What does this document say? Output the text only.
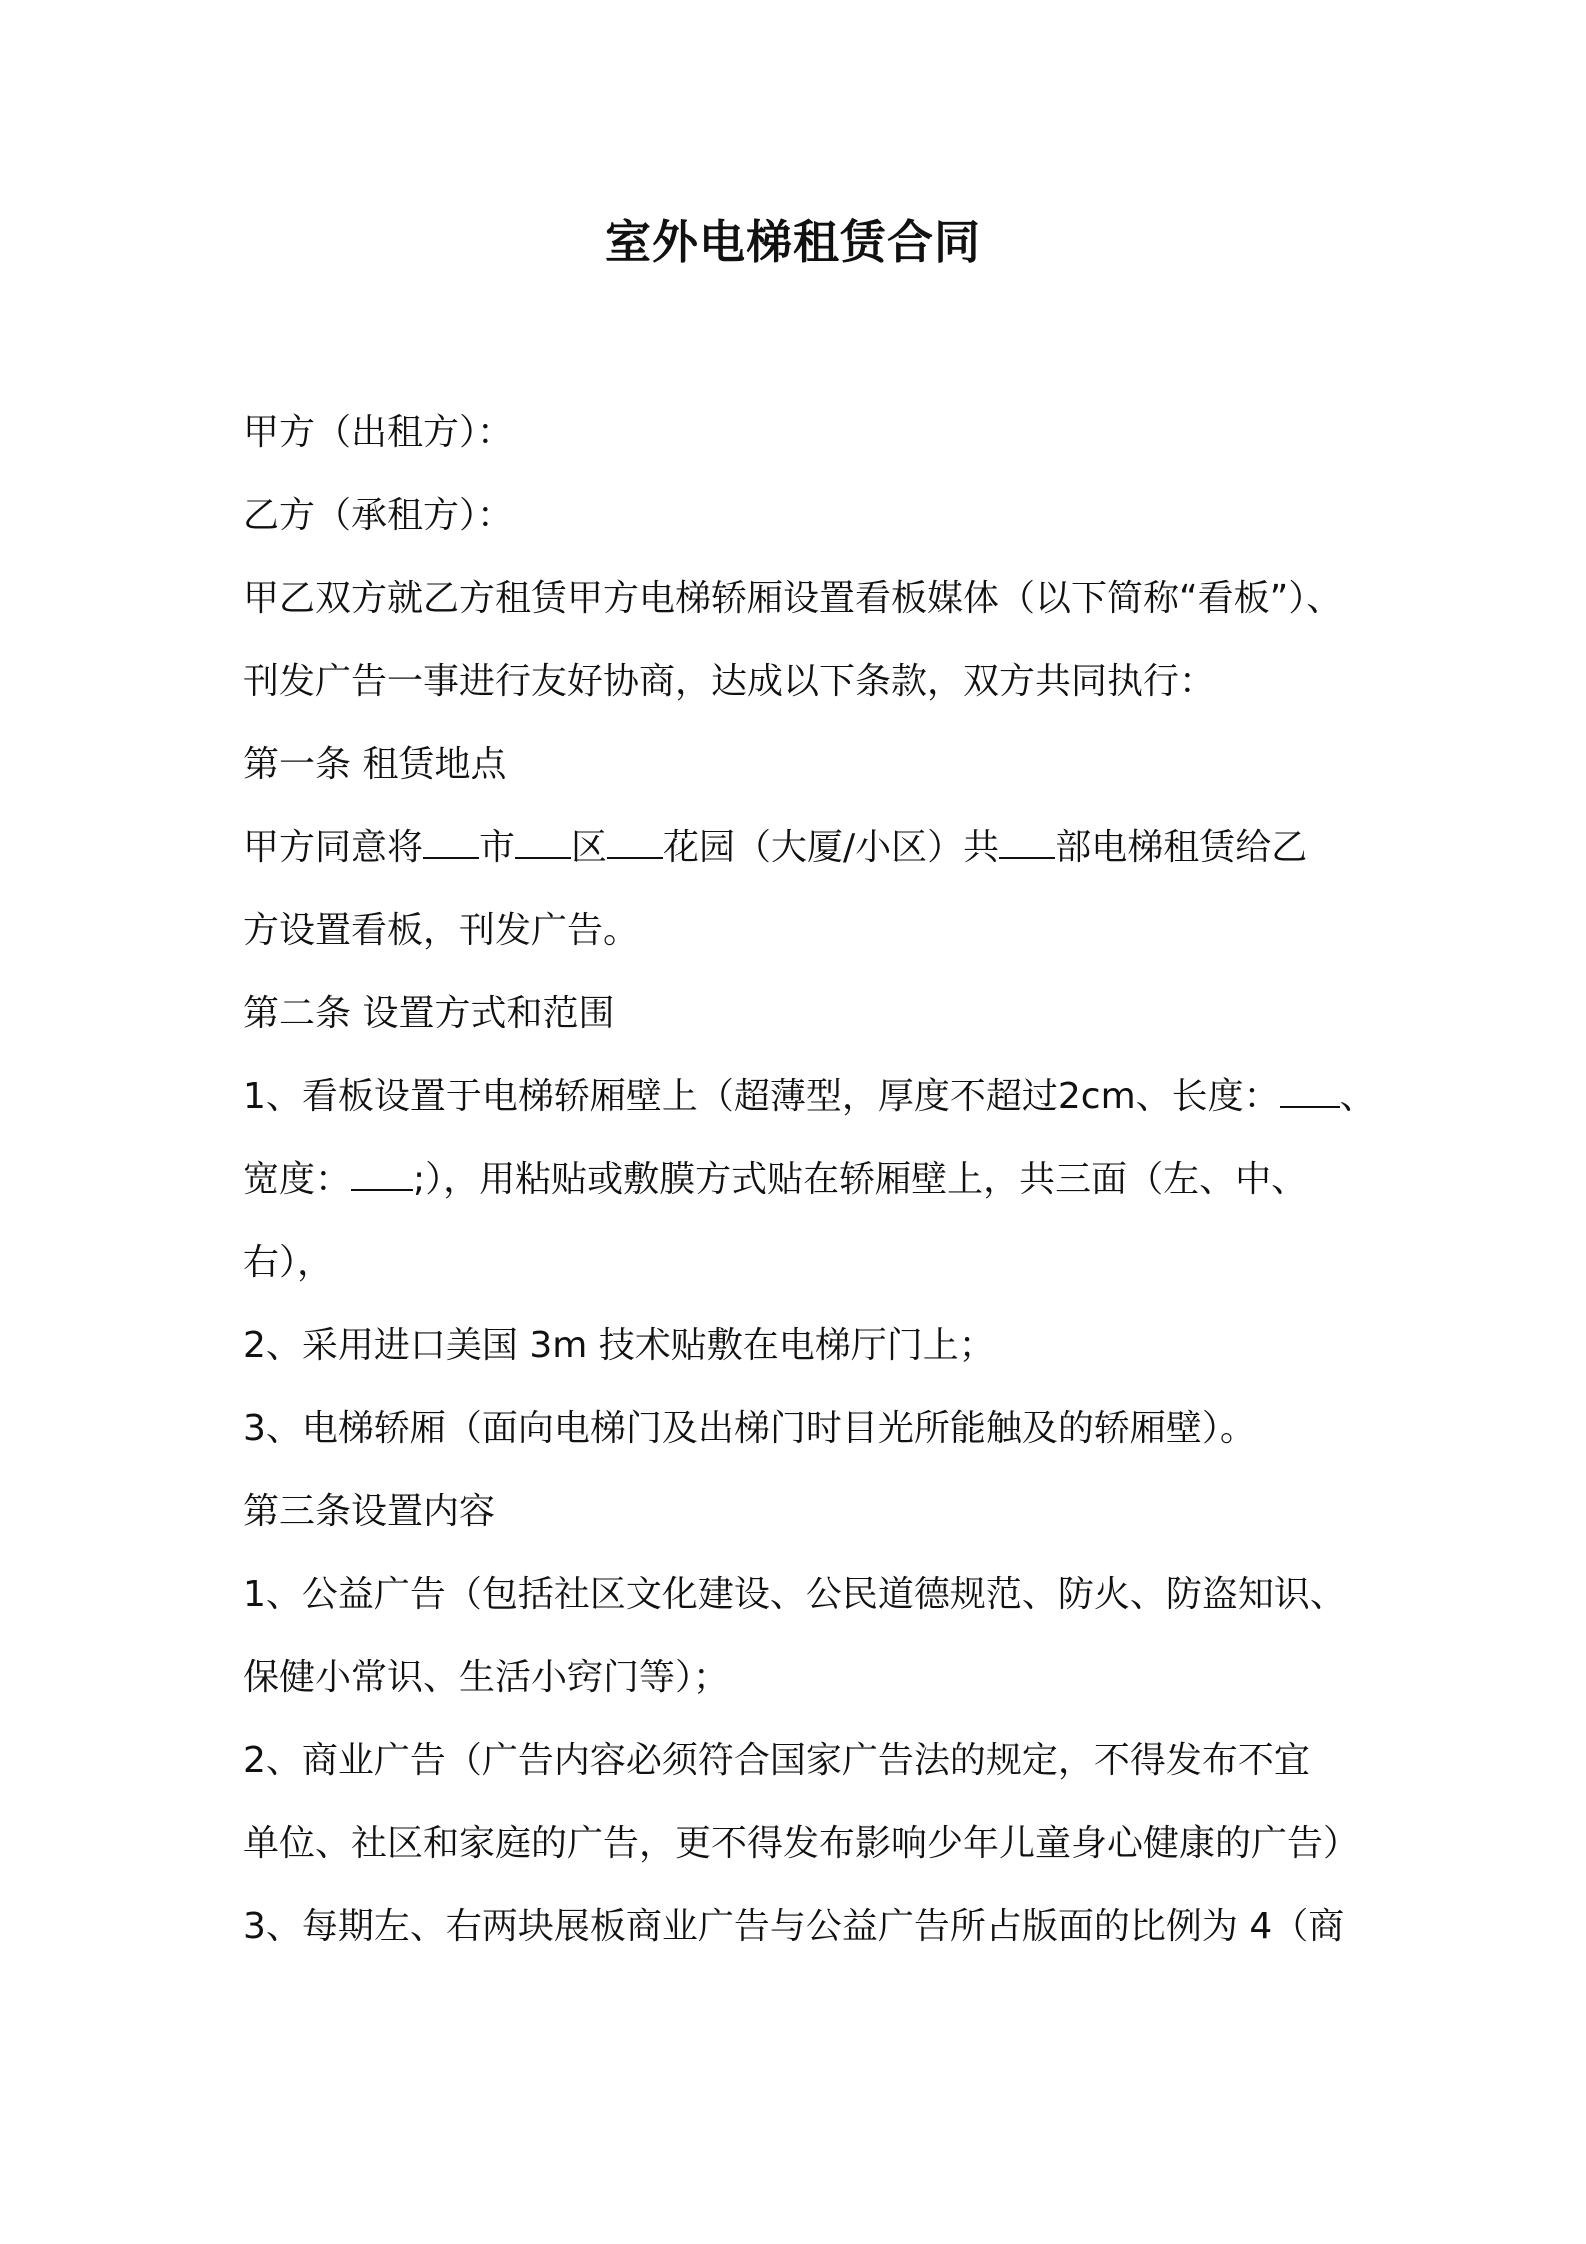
室外电梯租赁合同
甲方（出租方）：
乙方（承租方）：
甲乙双方就乙方租赁甲方电梯轿厢设置看板媒体（以下简称“看板”）、
刊发广告一事进行友好协商，达成以下条款，双方共同执行：
第一条 租赁地点
甲方同意将 市 区 花园（大厦/小区）共 部电梯租赁给乙
方设置看板，刊发广告。
第二条 设置方式和范围
1、看板设置于电梯轿厢壁上（超薄型，厚度不超过2cm、长度： 、
宽度： ;），用粘贴或敷膜方式贴在轿厢壁上，共三面（左、中、
右），
2、采用进口美国 3m 技术贴敷在电梯厅门上；
3、电梯轿厢（面向电梯门及出梯门时目光所能触及的轿厢壁）。
第三条设置内容
1、公益广告（包括社区文化建设、公民道德规范、防火、防盗知识、
保健小常识、生活小窍门等）；
2、商业广告（广告内容必须符合国家广告法的规定，不得发布不宜
单位、社区和家庭的广告，更不得发布影响少年儿童身心健康的广告）
3、每期左、右两块展板商业广告与公益广告所占版面的比例为 4（商
